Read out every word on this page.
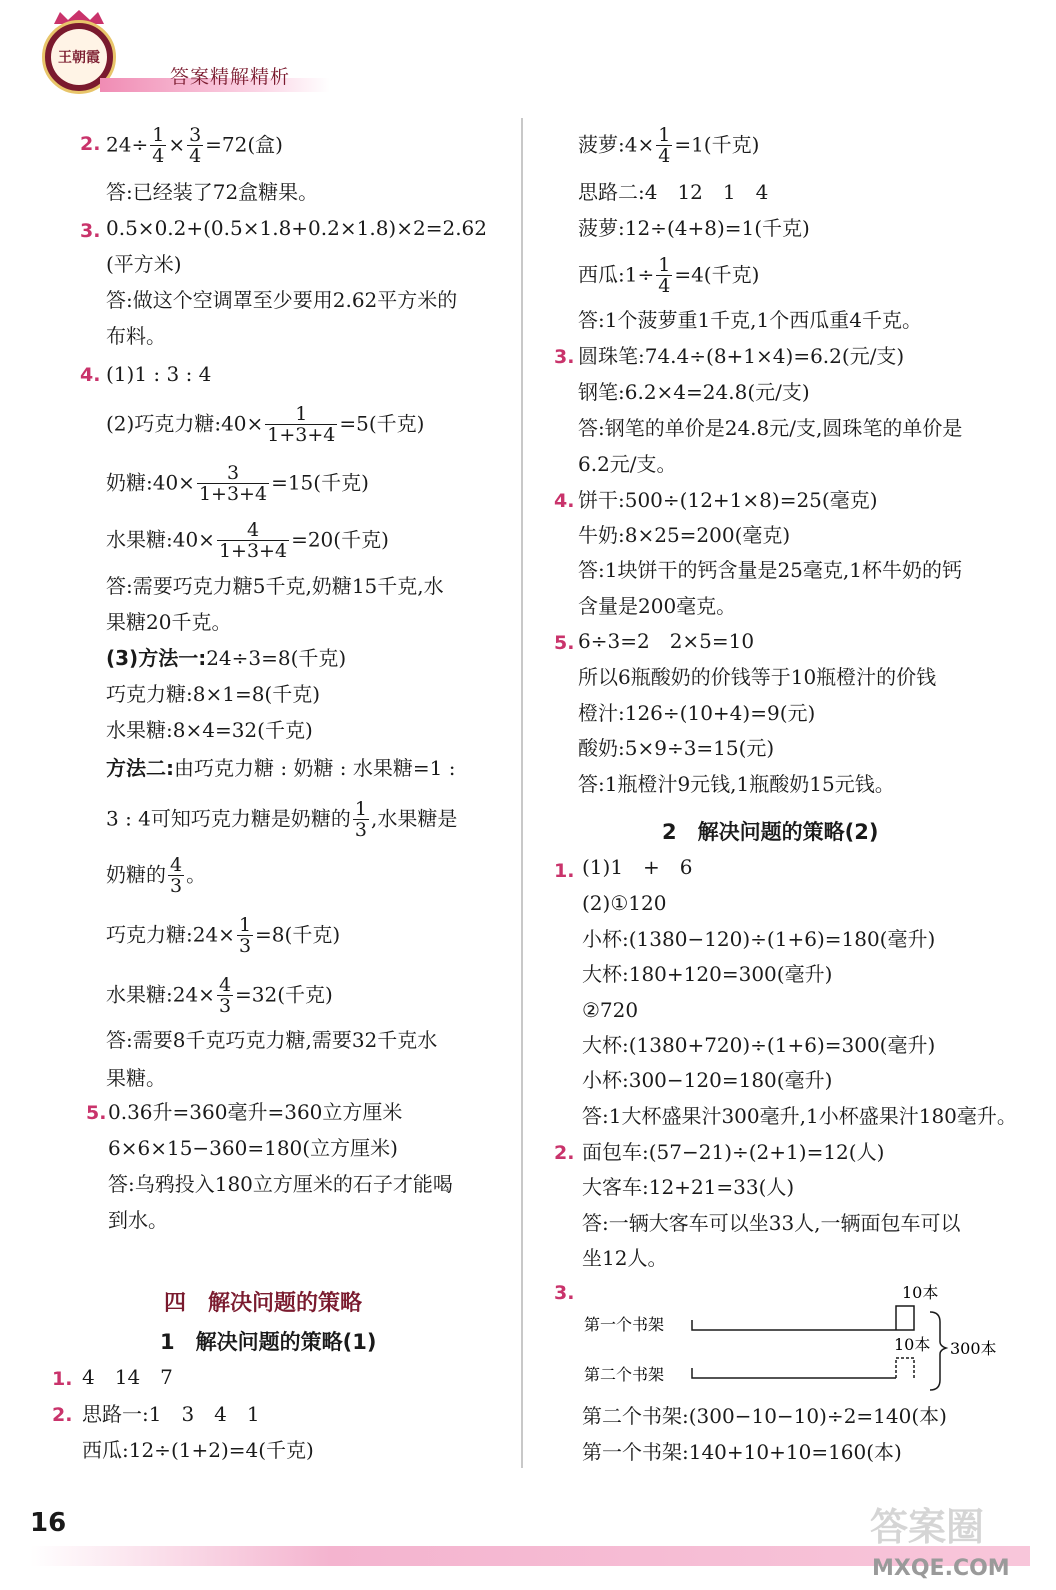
王朝霞
答案精解精析
2. $24\div \frac{1}{4} \times \frac{3}{4} =72$(盒)
答:已经装了72盒糖果。
3. 0.5×0.2+(0.5×1.8+0.2×1.8)×2=2.62
(平方米)
答:做这个空调罩至少要用2.62平方米的
布料。
4. (1)1 : 3 : 4
(2)巧克力糖:40× $\frac{1}{1+3+4} =5$(千克)
奶糖:40× $\frac{3}{1+3+4} =15$(千克)
水果糖:40× $\frac{4}{1+3+4} =20$(千克)
答:需要巧克力糖5千克,奶糖15千克,水
果糖20千克。
(3)方法一:24÷3=8(千克)
巧克力糖:8×1=8(千克)
水果糖:8×4=32(千克)
方法二:由巧克力糖 : 奶糖 : 水果糖=1 :
3 : 4可知巧克力糖是奶糖的 $\frac{1}{3}$ ,水果糖是
奶糖的 $\frac{4}{3}$ 。
巧克力糖:24× $\frac{1}{3} =8$(千克)
水果糖:24× $\frac{4}{3} =32$(千克)
答:需要8千克巧克力糖,需要32千克水
果糖。
5. 0.36升=360毫升=360立方厘米
6×6×15−360=180(立方厘米)
答:乌鸦投入180立方厘米的石子才能喝
到水。
四　解决问题的策略
1　解决问题的策略(1)
1. 4　14　7
2. 思路一:1　3　4　1
西瓜:12÷(1+2)=4(千克)
菠萝:4× $\frac{1}{4} =1$(千克)
思路二:4　12　1　4
菠萝:12÷(4+8)=1(千克)
西瓜:1÷ $\frac{1}{4} =4$(千克)
答:1个菠萝重1千克,1个西瓜重4千克。
3. 圆珠笔:74.4÷(8+1×4)=6.2(元/支)
钢笔:6.2×4=24.8(元/支)
答:钢笔的单价是24.8元/支,圆珠笔的单价是
6.2元/支。
4. 饼干:500÷(12+1×8)=25(毫克)
牛奶:8×25=200(毫克)
答:1块饼干的钙含量是25毫克,1杯牛奶的钙
含量是200毫克。
5. 6÷3=2　2×5=10
所以6瓶酸奶的价钱等于10瓶橙汁的价钱
橙汁:126÷(10+4)=9(元)
酸奶:5×9÷3=15(元)
答:1瓶橙汁9元钱,1瓶酸奶15元钱。
2　解决问题的策略(2)
1. (1)1　+　6
(2)①120
小杯:(1380−120)÷(1+6)=180(毫升)
大杯:180+120=300(毫升)
②720
大杯:(1380+720)÷(1+6)=300(毫升)
小杯:300−120=180(毫升)
答:1大杯盛果汁300毫升,1小杯盛果汁180毫升。
2. 面包车:(57−21)÷(2+1)=12(人)
大客车:12+21=33(人)
答:一辆大客车可以坐33人,一辆面包车可以
坐12人。
3.
第一个书架
第二个书架
10本
10本 300本
第二个书架:(300−10−10)÷2=140(本)
第一个书架:140+10+10=160(本)
16	答案圈
MXQE.COM
